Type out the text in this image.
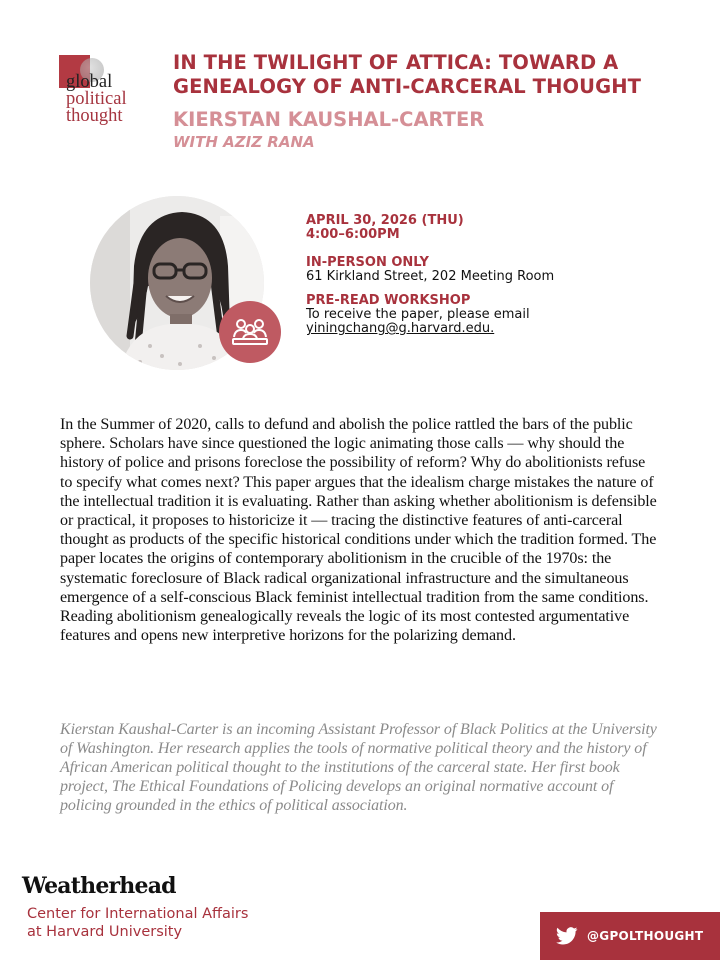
global
political
thought
IN THE TWILIGHT OF ATTICA: TOWARD A GENEALOGY OF ANTI-CARCERAL THOUGHT
KIERSTAN KAUSHAL-CARTER
WITH AZIZ RANA
APRIL 30, 2026 (THU)
4:00–6:00PM
IN-PERSON ONLY
61 Kirkland Street, 202 Meeting Room
PRE-READ WORKSHOP
To receive the paper, please email
yiningchang@g.harvard.edu.

In the Summer of 2020, calls to defund and abolish the police rattled the bars of the public sphere. Scholars have since questioned the logic animating those calls — why should the history of police and prisons foreclose the possibility of reform? Why do abolitionists refuse to specify what comes next? This paper argues that the idealism charge mistakes the nature of the intellectual tradition it is evaluating. Rather than asking whether abolitionism is defensible or practical, it proposes to historicize it — tracing the distinctive features of anti-carceral thought as products of the specific historical conditions under which the tradition formed. The paper locates the origins of contemporary abolitionism in the crucible of the 1970s: the systematic foreclosure of Black radical organizational infrastructure and the simultaneous emergence of a self-conscious Black feminist intellectual tradition from the same conditions. Reading abolitionism genealogically reveals the logic of its most contested argumentative features and opens new interpretive horizons for the polarizing demand.

Kierstan Kaushal-Carter is an incoming Assistant Professor of Black Politics at the University of Washington. Her research applies the tools of normative political theory and the history of African American political thought to the institutions of the carceral state. Her first book project, The Ethical Foundations of Policing develops an original normative account of policing grounded in the ethics of political association.

Weatherhead
Center for International Affairs
at Harvard University	@GPOLTHOUGHT
